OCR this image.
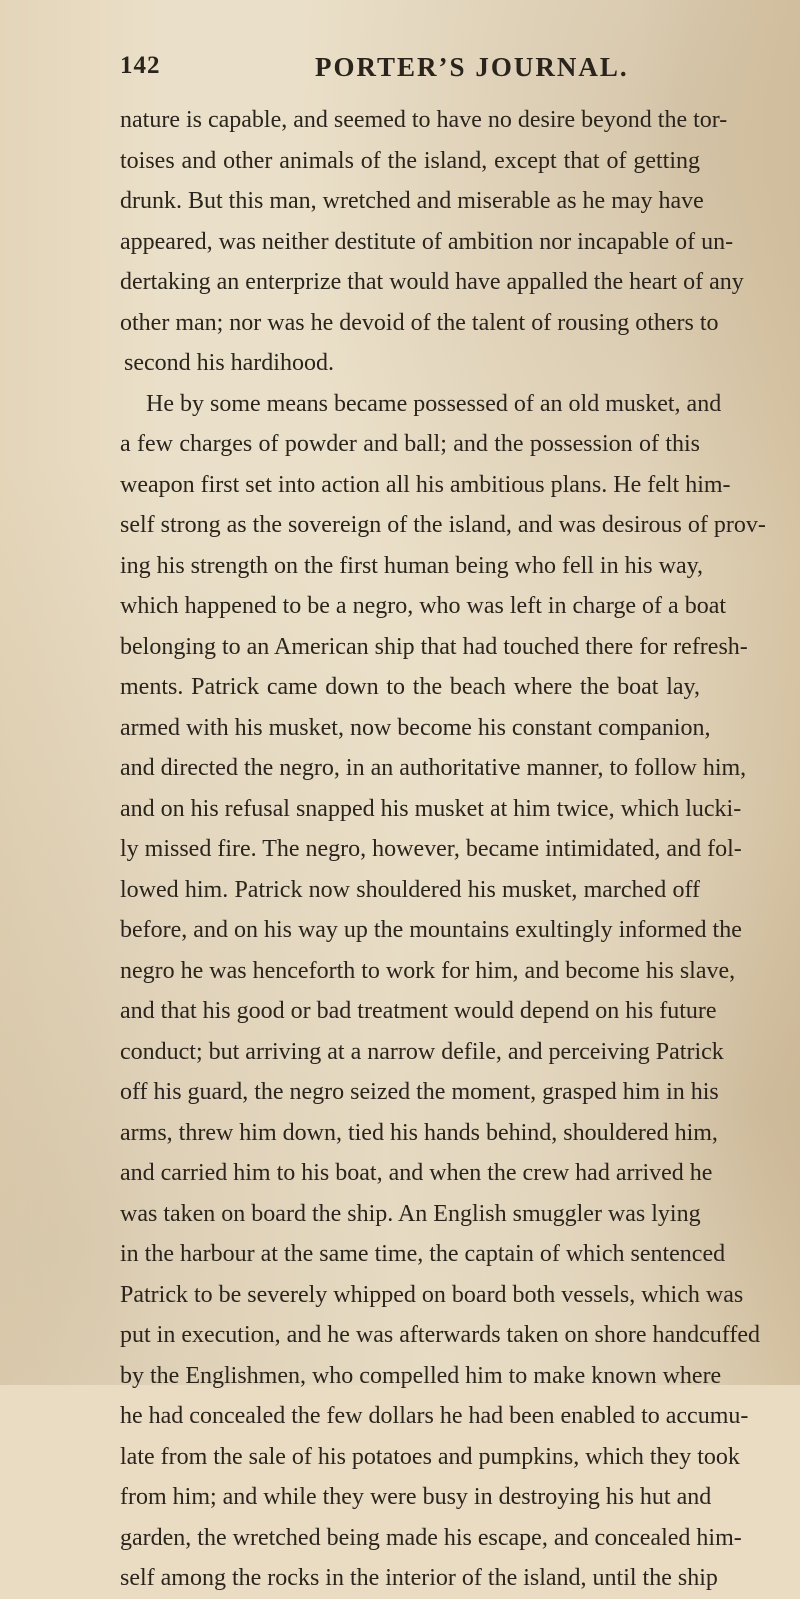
142	PORTER’S JOURNAL.
nature is capable, and seemed to have no desire beyond the tor-
toises and other animals of the island, except that of getting
drunk. But this man, wretched and miserable as he may have
appeared, was neither destitute of ambition nor incapable of un-
dertaking an enterprize that would have appalled the heart of any
other man; nor was he devoid of the talent of rousing others to
second his hardihood.
He by some means became possessed of an old musket, and
a few charges of powder and ball; and the possession of this
weapon first set into action all his ambitious plans. He felt him-
self strong as the sovereign of the island, and was desirous of prov-
ing his strength on the first human being who fell in his way,
which happened to be a negro, who was left in charge of a boat
belonging to an American ship that had touched there for refresh-
ments. Patrick came down to the beach where the boat lay,
armed with his musket, now become his constant companion,
and directed the negro, in an authoritative manner, to follow him,
and on his refusal snapped his musket at him twice, which lucki-
ly missed fire. The negro, however, became intimidated, and fol-
lowed him. Patrick now shouldered his musket, marched off
before, and on his way up the mountains exultingly informed the
negro he was henceforth to work for him, and become his slave,
and that his good or bad treatment would depend on his future
conduct; but arriving at a narrow defile, and perceiving Patrick
off his guard, the negro seized the moment, grasped him in his
arms, threw him down, tied his hands behind, shouldered him,
and carried him to his boat, and when the crew had arrived he
was taken on board the ship. An English smuggler was lying
in the harbour at the same time, the captain of which sentenced
Patrick to be severely whipped on board both vessels, which was
put in execution, and he was afterwards taken on shore handcuffed
by the Englishmen, who compelled him to make known where
he had concealed the few dollars he had been enabled to accumu-
late from the sale of his potatoes and pumpkins, which they took
from him; and while they were busy in destroying his hut and
garden, the wretched being made his escape, and concealed him-
self among the rocks in the interior of the island, until the ship
